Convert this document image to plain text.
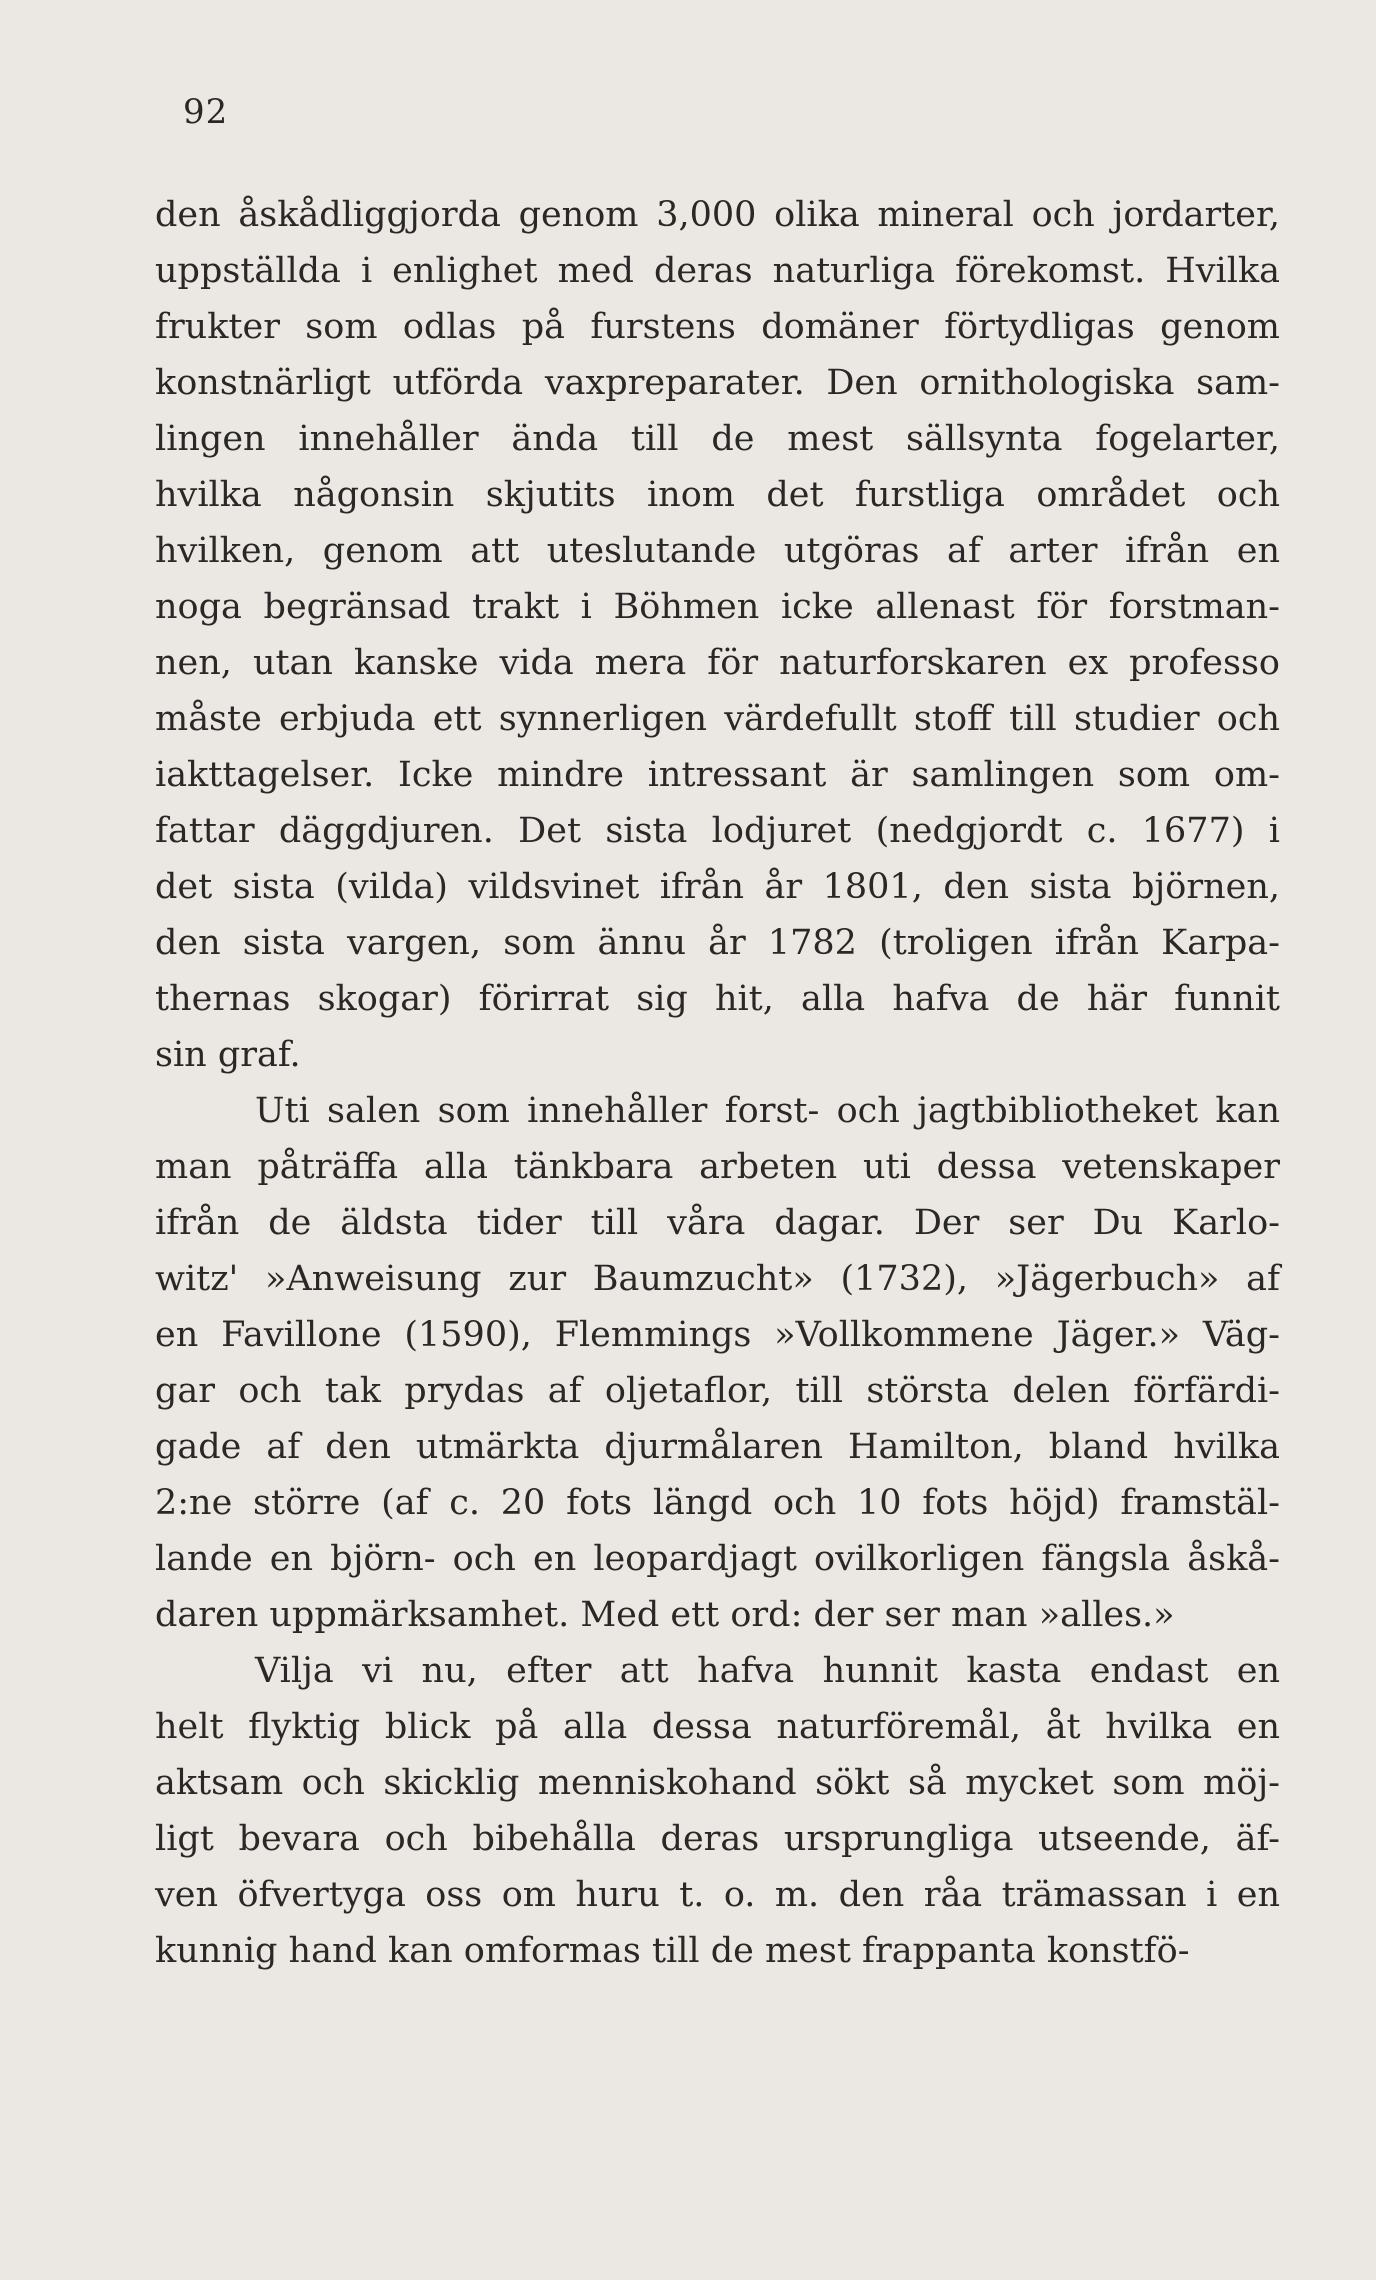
92
den åskådliggjorda genom 3,000 olika mineral och jordarter,
uppställda i enlighet med deras naturliga förekomst. Hvilka
frukter som odlas på furstens domäner förtydligas genom
konstnärligt utförda vaxpreparater. Den ornithologiska sam-
lingen innehåller ända till de mest sällsynta fogelarter,
hvilka någonsin skjutits inom det furstliga området och
hvilken, genom att uteslutande utgöras af arter ifrån en
noga begränsad trakt i Böhmen icke allenast för forstman-
nen, utan kanske vida mera för naturforskaren ex professo
måste erbjuda ett synnerligen värdefullt stoff till studier och
iakttagelser. Icke mindre intressant är samlingen som om-
fattar däggdjuren. Det sista lodjuret (nedgjordt c. 1677) i
det sista (vilda) vildsvinet ifrån år 1801, den sista björnen,
den sista vargen, som ännu år 1782 (troligen ifrån Karpa-
thernas skogar) förirrat sig hit, alla hafva de här funnit
sin graf.
Uti salen som innehåller forst- och jagtbibliotheket kan
man påträffa alla tänkbara arbeten uti dessa vetenskaper
ifrån de äldsta tider till våra dagar. Der ser Du Karlo-
witz' »Anweisung zur Baumzucht» (1732), »Jägerbuch» af
en Favillone (1590), Flemmings »Vollkommene Jäger.» Väg-
gar och tak prydas af oljetaflor, till största delen förfärdi-
gade af den utmärkta djurmålaren Hamilton, bland hvilka
2:ne större (af c. 20 fots längd och 10 fots höjd) framstäl-
lande en björn- och en leopardjagt ovilkorligen fängsla åskå-
daren uppmärksamhet. Med ett ord: der ser man »alles.»
Vilja vi nu, efter att hafva hunnit kasta endast en
helt flyktig blick på alla dessa naturföremål, åt hvilka en
aktsam och skicklig menniskohand sökt så mycket som möj-
ligt bevara och bibehålla deras ursprungliga utseende, äf-
ven öfvertyga oss om huru t. o. m. den råa trämassan i en
kunnig hand kan omformas till de mest frappanta konstfö-
